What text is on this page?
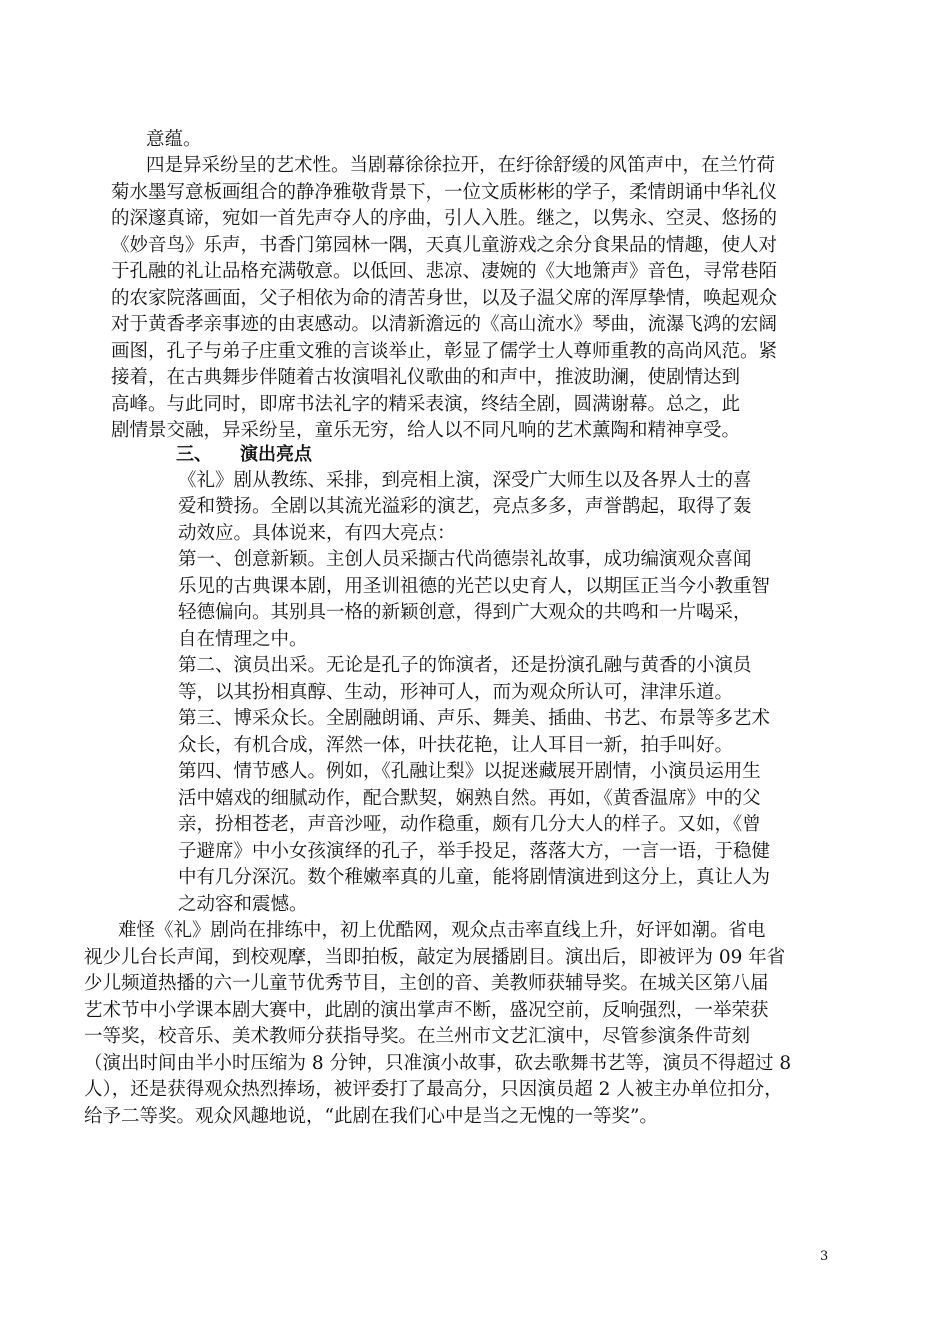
意蕴。
四是异采纷呈的艺术性。当剧幕徐徐拉开，在纡徐舒缓的风笛声中，在兰竹荷
菊水墨写意板画组合的静净雅敬背景下，一位文质彬彬的学子，柔情朗诵中华礼仪
的深邃真谛，宛如一首先声夺人的序曲，引人入胜。继之，以隽永、空灵、悠扬的
《妙音鸟》乐声，书香门第园林一隅，天真儿童游戏之余分食果品的情趣，使人对
于孔融的礼让品格充满敬意。以低回、悲凉、凄婉的《大地箫声》音色，寻常巷陌
的农家院落画面，父子相依为命的清苦身世，以及子温父席的浑厚挚情，唤起观众
对于黄香孝亲事迹的由衷感动。以清新澹远的《高山流水》琴曲，流瀑飞鸿的宏阔
画图，孔子与弟子庄重文雅的言谈举止，彰显了儒学士人尊师重教的高尚风范。紧
接着，在古典舞步伴随着古妆演唱礼仪歌曲的和声中，推波助澜，使剧情达到
高峰。与此同时，即席书法礼字的精采表演，终结全剧，圆满谢幕。总之，此
剧情景交融，异采纷呈，童乐无穷，给人以不同凡响的艺术薰陶和精神享受。
三、 演出亮点
《礼》剧从教练、采排，到亮相上演，深受广大师生以及各界人士的喜
爱和赞扬。全剧以其流光溢彩的演艺，亮点多多，声誉鹊起，取得了轰
动效应。具体说来，有四大亮点：
第一、创意新颖。主创人员采撷古代尚德崇礼故事，成功编演观众喜闻
乐见的古典课本剧，用圣训祖德的光芒以史育人，以期匡正当今小教重智
轻德偏向。其别具一格的新颖创意，得到广大观众的共鸣和一片喝采，
自在情理之中。
第二、演员出采。无论是孔子的饰演者，还是扮演孔融与黄香的小演员
等，以其扮相真醇、生动，形神可人，而为观众所认可，津津乐道。
第三、博采众长。全剧融朗诵、声乐、舞美、插曲、书艺、布景等多艺术
众长，有机合成，浑然一体，叶扶花艳，让人耳目一新，拍手叫好。
第四、情节感人。例如，《孔融让梨》以捉迷藏展开剧情，小演员运用生
活中嬉戏的细腻动作，配合默契，娴熟自然。再如，《黄香温席》中的父
亲，扮相苍老，声音沙哑，动作稳重，颇有几分大人的样子。又如，《曾
子避席》中小女孩演绎的孔子，举手投足，落落大方，一言一语，于稳健
中有几分深沉。数个稚嫩率真的儿童，能将剧情演进到这分上，真让人为
之动容和震憾。
难怪《礼》剧尚在排练中，初上优酷网，观众点击率直线上升，好评如潮。省电
视少儿台长声闻，到校观摩，当即拍板，敲定为展播剧目。演出后，即被评为 09 年省
少儿频道热播的六一儿童节优秀节目，主创的音、美教师获辅导奖。在城关区第八届
艺术节中小学课本剧大赛中，此剧的演出掌声不断，盛况空前，反响强烈，一举荣获
一等奖，校音乐、美术教师分获指导奖。在兰州市文艺汇演中，尽管参演条件苛刻
（演出时间由半小时压缩为 8 分钟，只准演小故事，砍去歌舞书艺等，演员不得超过 8
人），还是获得观众热烈捧场，被评委打了最高分，只因演员超 2 人被主办单位扣分，
给予二等奖。观众风趣地说，“此剧在我们心中是当之无愧的一等奖”。
3
